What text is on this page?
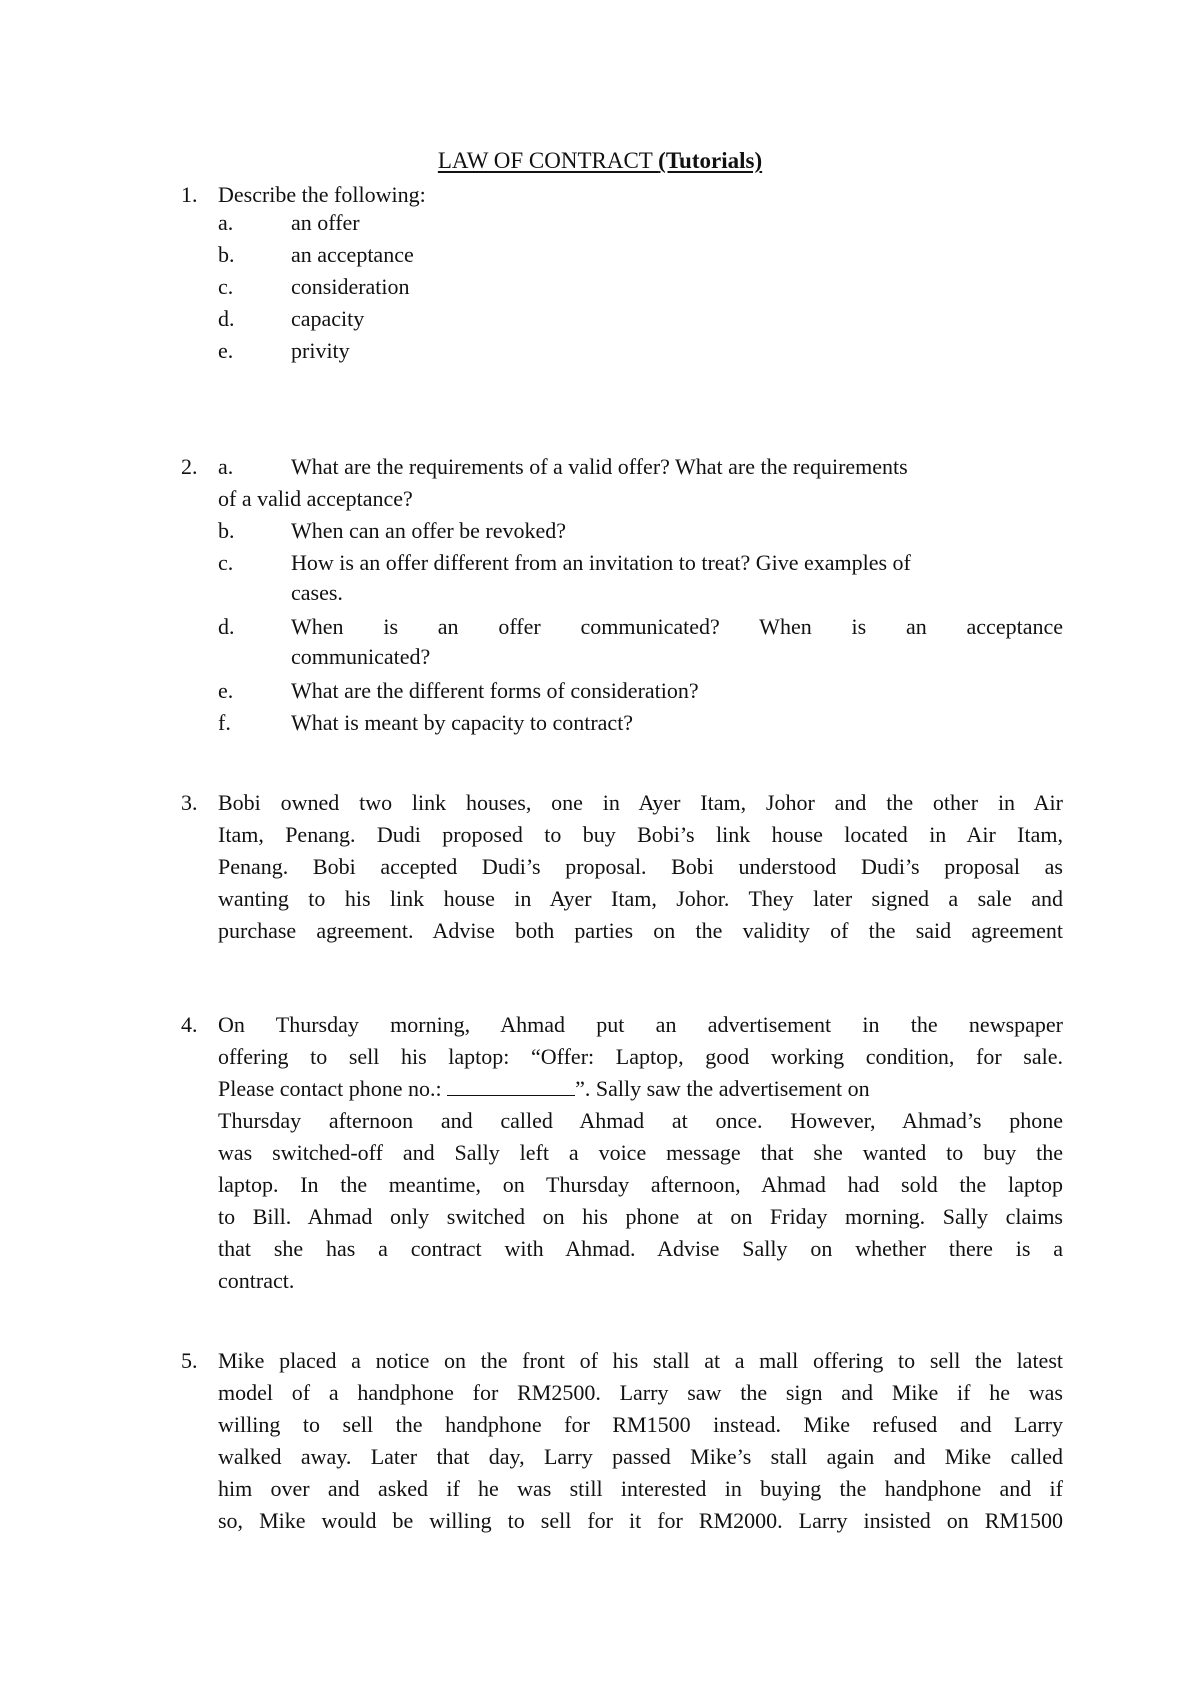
LAW OF CONTRACT (Tutorials)
1. Describe the following:
a.	an offer
b.	an acceptance
c.	consideration
d.	capacity
e.	privity
2. a.	What are the requirements of a valid offer? What are the requirements
of a valid acceptance?
b.	When can an offer be revoked?
c.	How is an offer different from an invitation to treat? Give examples of
cases.
d.	When is an offer communicated? When is an acceptance
communicated?
e.	What are the different forms of consideration?
f.	What is meant by capacity to contract?
3. Bobi owned two link houses, one in Ayer Itam, Johor and the other in Air
Itam, Penang. Dudi proposed to buy Bobi’s link house located in Air Itam,
Penang. Bobi accepted Dudi’s proposal. Bobi understood Dudi’s proposal as
wanting to his link house in Ayer Itam, Johor. They later signed a sale and
purchase agreement. Advise both parties on the validity of the said agreement
4. On Thursday morning, Ahmad put an advertisement in the newspaper
offering to sell his laptop: “Offer: Laptop, good working condition, for sale.
Please contact phone no.:	”. Sally saw the advertisement on
Thursday afternoon and called Ahmad at once. However, Ahmad’s phone
was switched-off and Sally left a voice message that she wanted to buy the
laptop. In the meantime, on Thursday afternoon, Ahmad had sold the laptop
to Bill. Ahmad only switched on his phone at on Friday morning. Sally claims
that she has a contract with Ahmad. Advise Sally on whether there is a
contract.
5. Mike placed a notice on the front of his stall at a mall offering to sell the latest
model of a handphone for RM2500. Larry saw the sign and Mike if he was
willing to sell the handphone for RM1500 instead. Mike refused and Larry
walked away. Later that day, Larry passed Mike’s stall again and Mike called
him over and asked if he was still interested in buying the handphone and if
so, Mike would be willing to sell for it for RM2000. Larry insisted on RM1500
